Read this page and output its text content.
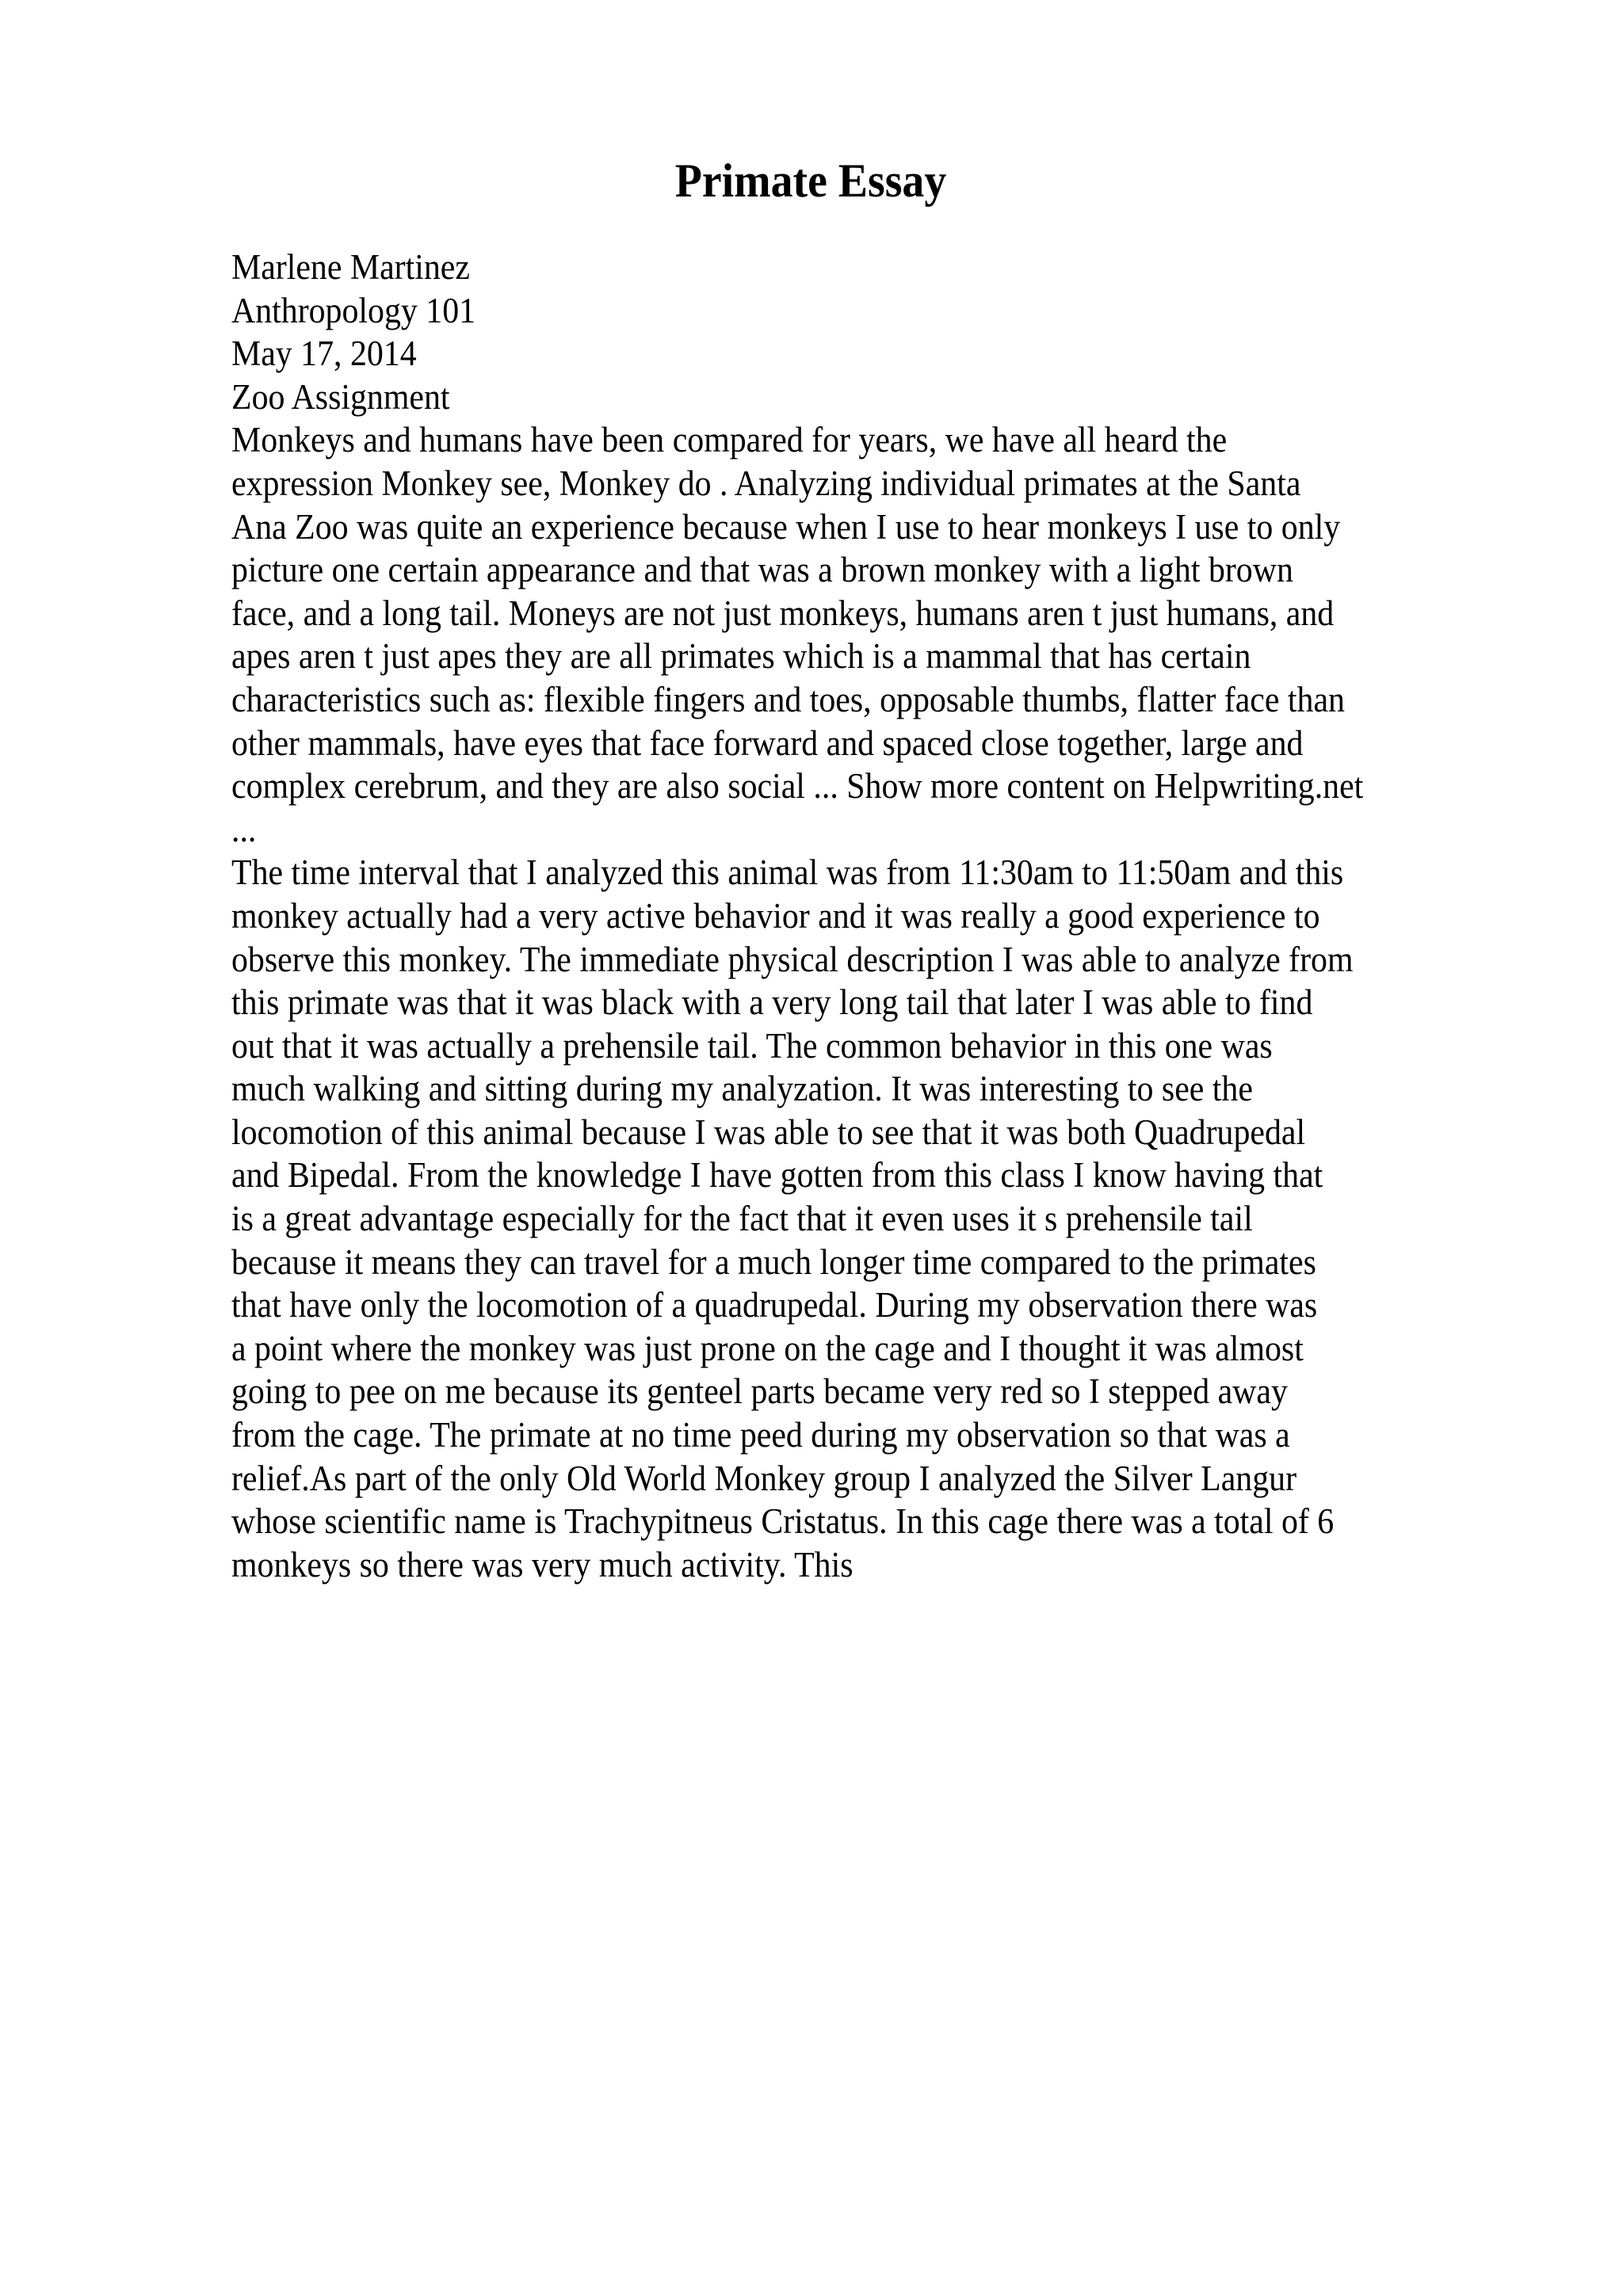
Primate Essay
Marlene Martinez
Anthropology 101
May 17, 2014
Zoo Assignment
Monkeys and humans have been compared for years, we have all heard the
expression Monkey see, Monkey do . Analyzing individual primates at the Santa
Ana Zoo was quite an experience because when I use to hear monkeys I use to only
picture one certain appearance and that was a brown monkey with a light brown
face, and a long tail. Moneys are not just monkeys, humans aren t just humans, and
apes aren t just apes they are all primates which is a mammal that has certain
characteristics such as: flexible fingers and toes, opposable thumbs, flatter face than
other mammals, have eyes that face forward and spaced close together, large and
complex cerebrum, and they are also social ... Show more content on Helpwriting.net
...
The time interval that I analyzed this animal was from 11:30am to 11:50am and this
monkey actually had a very active behavior and it was really a good experience to
observe this monkey. The immediate physical description I was able to analyze from
this primate was that it was black with a very long tail that later I was able to find
out that it was actually a prehensile tail. The common behavior in this one was
much walking and sitting during my analyzation. It was interesting to see the
locomotion of this animal because I was able to see that it was both Quadrupedal
and Bipedal. From the knowledge I have gotten from this class I know having that
is a great advantage especially for the fact that it even uses it s prehensile tail
because it means they can travel for a much longer time compared to the primates
that have only the locomotion of a quadrupedal. During my observation there was
a point where the monkey was just prone on the cage and I thought it was almost
going to pee on me because its genteel parts became very red so I stepped away
from the cage. The primate at no time peed during my observation so that was a
relief.As part of the only Old World Monkey group I analyzed the Silver Langur
whose scientific name is Trachypitneus Cristatus. In this cage there was a total of 6
monkeys so there was very much activity. This
